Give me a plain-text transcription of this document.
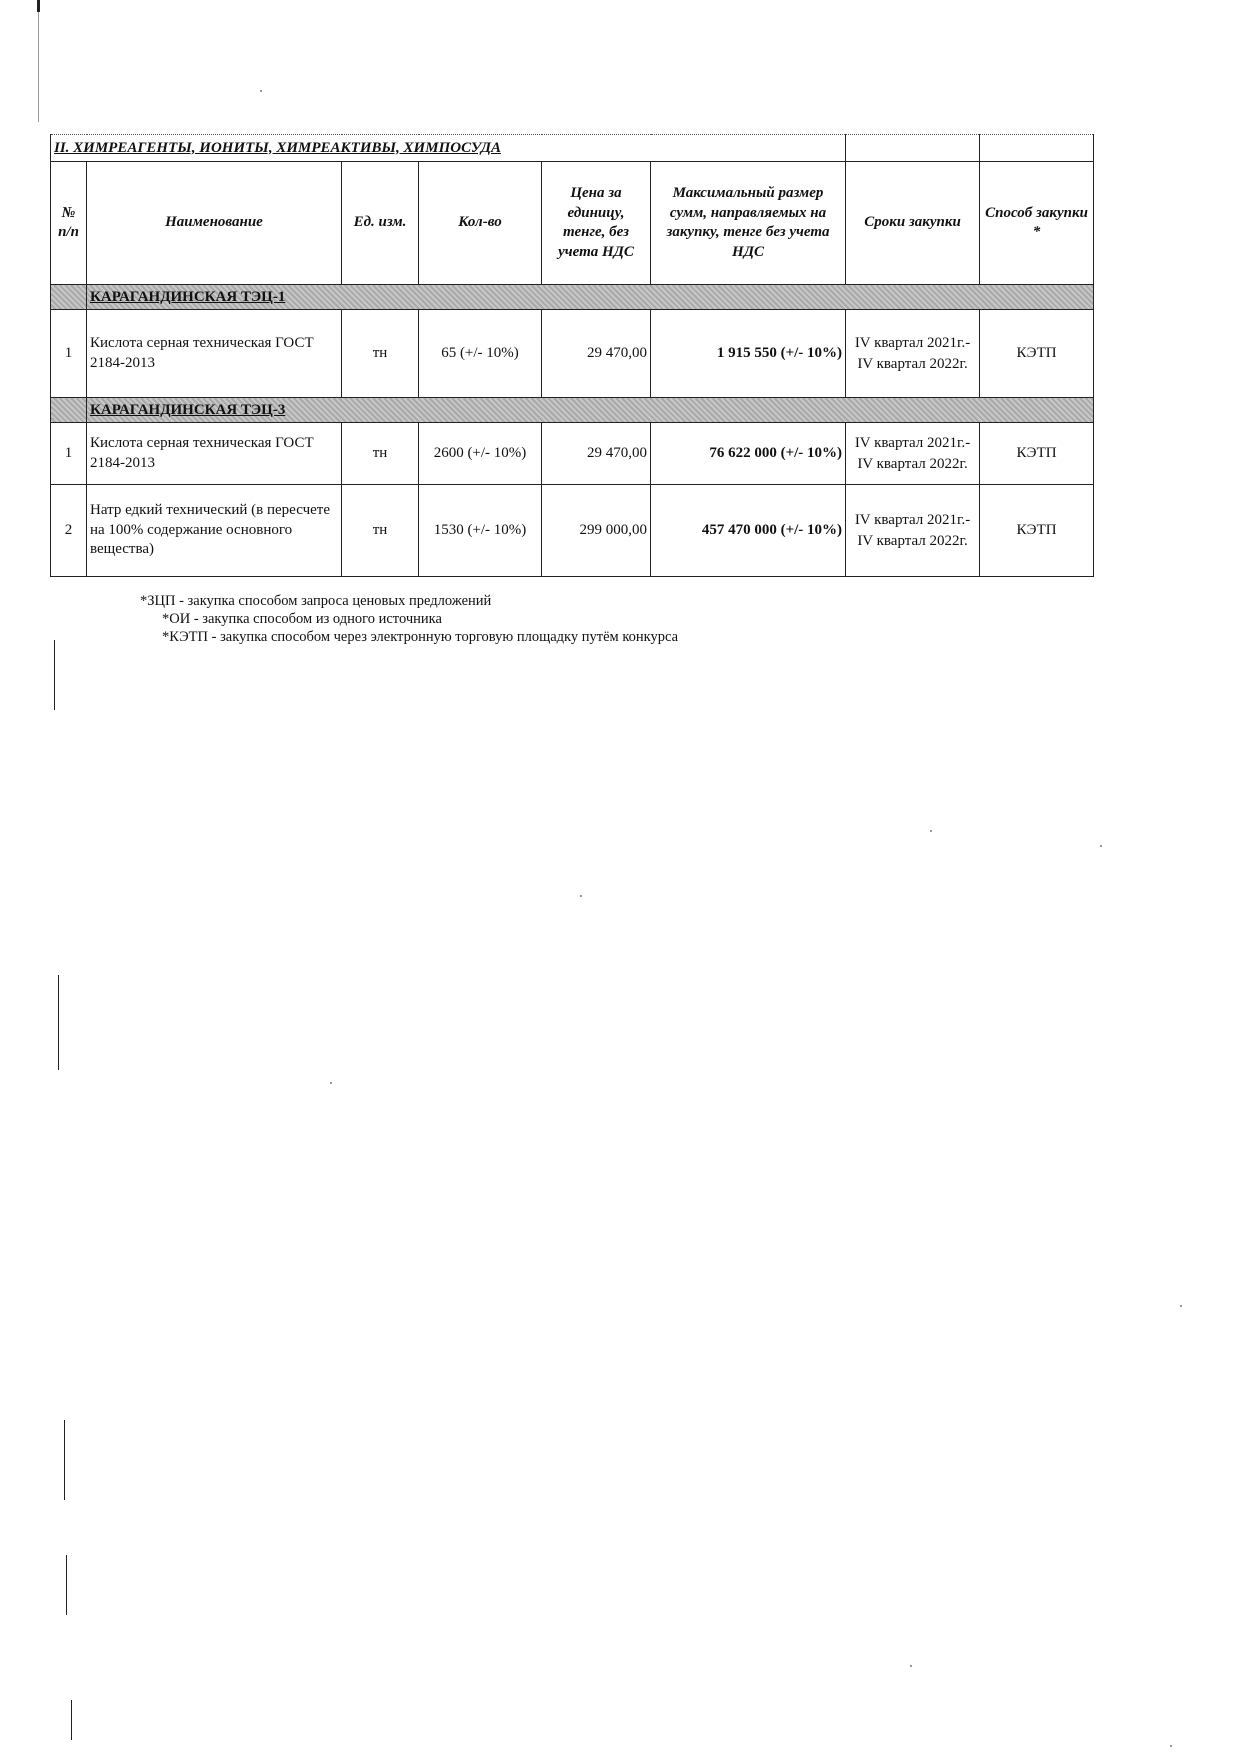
II. ХИМРЕАГЕНТЫ, ИОНИТЫ, ХИМРЕАКТИВЫ, ХИМПОСУДА							
№ п/п	Наименование	Ед. изм.	Кол-во	Цена за единицу, тенге, без учета НДС	Максимальный размер сумм, направляемых на закупку, тенге без учета НДС	Сроки закупки	Способ закупки *
	КАРАГАНДИНСКАЯ ТЭЦ-1						
1	Кислота серная техническая ГОСТ 2184-2013	тн	65 (+/- 10%)	29 470,00	1 915 550 (+/- 10%)	IV квартал 2021г.- IV квартал 2022г.	КЭТП
	КАРАГАНДИНСКАЯ ТЭЦ-3						
1	Кислота серная техническая ГОСТ 2184-2013	тн	2600 (+/- 10%)	29 470,00	76 622 000 (+/- 10%)	IV квартал 2021г.- IV квартал 2022г.	КЭТП
2	Натр едкий технический (в пересчете на 100% содержание основного вещества)	тн	1530 (+/- 10%)	299 000,00	457 470 000 (+/- 10%)	IV квартал 2021г.- IV квартал 2022г.	КЭТП
*ЗЦП - закупка способом запроса ценовых предложений
*ОИ - закупка способом из одного источника
*КЭТП - закупка способом через электронную торговую площадку путём конкурса
